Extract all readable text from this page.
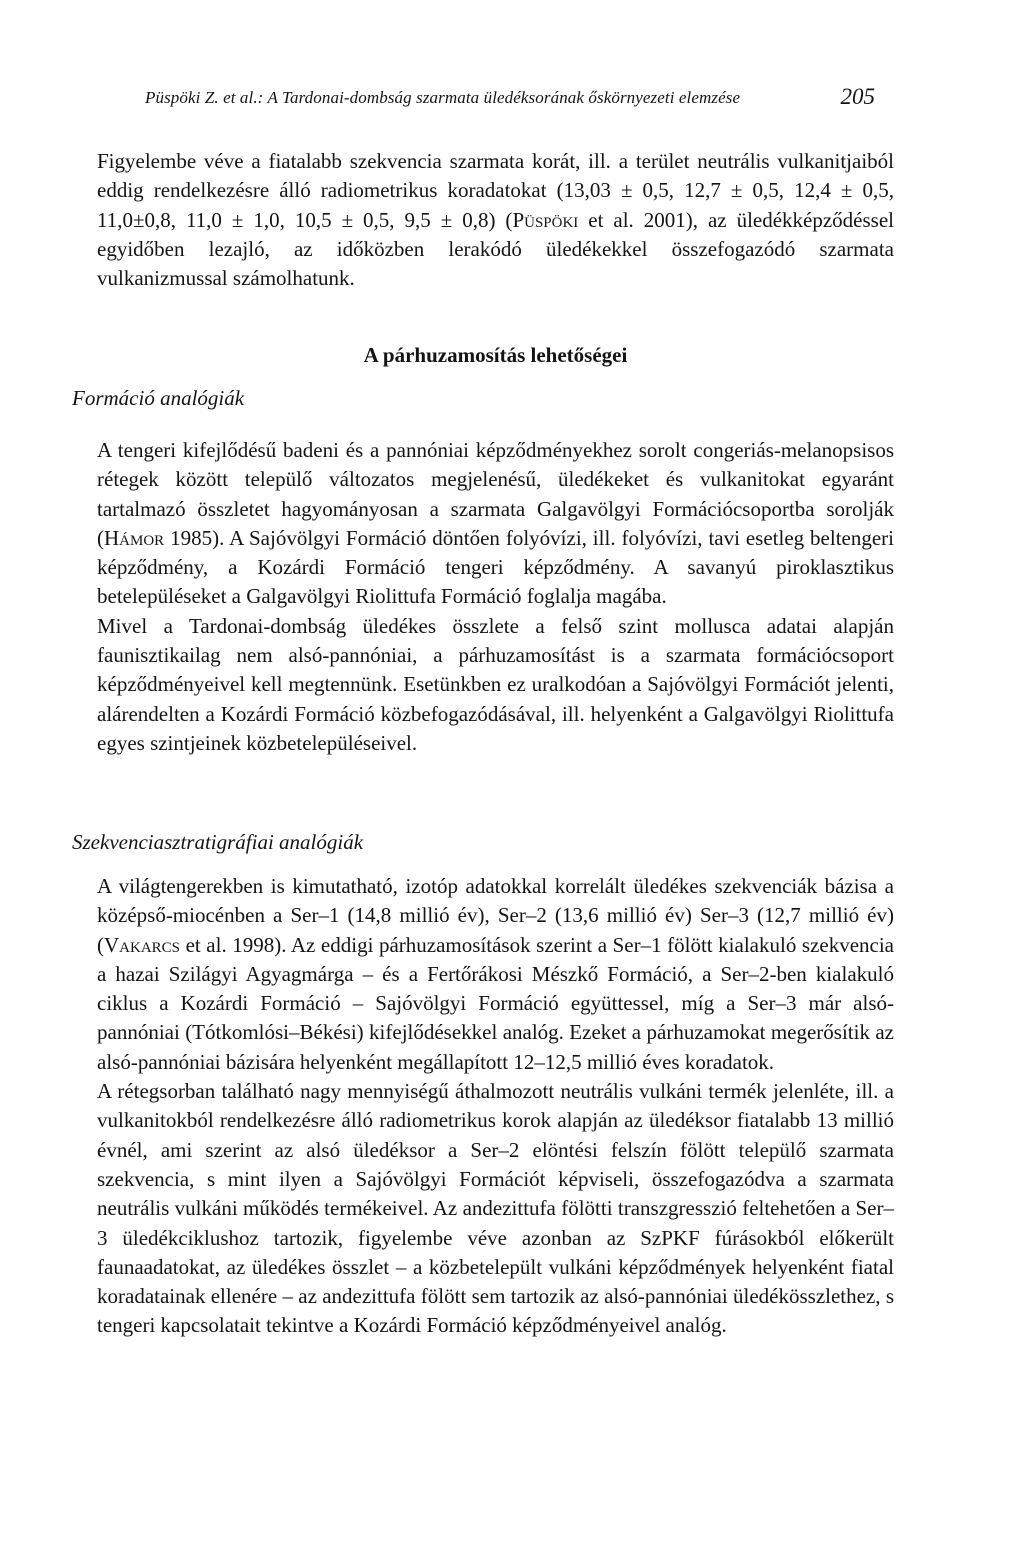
Püspöki Z. et al.: A Tardonai-dombság szarmata üledéksorának őskörnyezeti elemzése	205

Figyelembe véve a fiatalabb szekvencia szarmata korát, ill. a terület neutrális vulkanitjaiból eddig rendelkezésre álló radiometrikus koradatokat (13,03 ± 0,5, 12,7 ± 0,5, 12,4 ± 0,5, 11,0±0,8, 11,0 ± 1,0, 10,5 ± 0,5, 9,5 ± 0,8) (Püspöki et al. 2001), az üledékképződéssel egyidőben lezajló, az időközben lerakódó üledékekkel összefogazódó szarmata vulkanizmussal számolhatunk.

A párhuzamosítás lehetőségei
Formáció analógiák

A tengeri kifejlődésű badeni és a pannóniai képződményekhez sorolt congeriás-melanopsisos rétegek között települő változatos megjelenésű, üledékeket és vulkanitokat egyaránt tartalmazó összletet hagyományosan a szarmata Galgavölgyi Formációcsoportba sorolják (Hámor 1985). A Sajóvölgyi Formáció döntően folyóvízi, ill. folyóvízi, tavi esetleg beltengeri képződmény, a Kozárdi Formáció tengeri képződmény. A savanyú piroklasztikus betelepüléseket a Galgavölgyi Riolittufa Formáció foglalja magába.

Mivel a Tardonai-dombság üledékes összlete a felső szint mollusca adatai alapján faunisztikailag nem alsó-pannóniai, a párhuzamosítást is a szarmata formációcsoport képződményeivel kell megtennünk. Esetünkben ez uralkodóan a Sajóvölgyi Formációt jelenti, alárendelten a Kozárdi Formáció közbefogazódásával, ill. helyenként a Galgavölgyi Riolittufa egyes szintjeinek közbetelepüléseivel.

Szekvenciasztratigráfiai analógiák

A világtengerekben is kimutatható, izotóp adatokkal korrelált üledékes szekvenciák bázisa a középső-miocénben a Ser–1 (14,8 millió év), Ser–2 (13,6 millió év) Ser–3 (12,7 millió év) (Vakarcs et al. 1998). Az eddigi párhuzamosítások szerint a Ser–1 fölött kialakuló szekvencia a hazai Szilágyi Agyagmárga – és a Fertőrákosi Mészkő Formáció, a Ser–2-ben kialakuló ciklus a Kozárdi Formáció – Sajóvölgyi Formáció együttessel, míg a Ser–3 már alsó-pannóniai (Tótkomlósi–Békési) kifejlődésekkel analóg. Ezeket a párhuzamokat megerősítik az alsó-pannóniai bázisára helyenként megállapított 12–12,5 millió éves koradatok.

A rétegsorban található nagy mennyiségű áthalmozott neutrális vulkáni termék jelenléte, ill. a vulkanitokból rendelkezésre álló radiometrikus korok alapján az üledéksor fiatalabb 13 millió évnél, ami szerint az alsó üledéksor a Ser–2 elöntési felszín fölött települő szarmata szekvencia, s mint ilyen a Sajóvölgyi Formációt képviseli, összefogazódva a szarmata neutrális vulkáni működés termékeivel. Az andezittufa fölötti transzgresszió feltehetően a Ser–3 üledékciklushoz tartozik, figyelembe véve azonban az SzPKF fúrásokból előkerült faunaadatokat, az üledékes összlet – a közbetelepült vulkáni képződmények helyenként fiatal koradatainak ellenére – az andezittufa fölött sem tartozik az alsó-pannóniai üledékösszlethez, s tengeri kapcsolatait tekintve a Kozárdi Formáció képződményeivel analóg.
